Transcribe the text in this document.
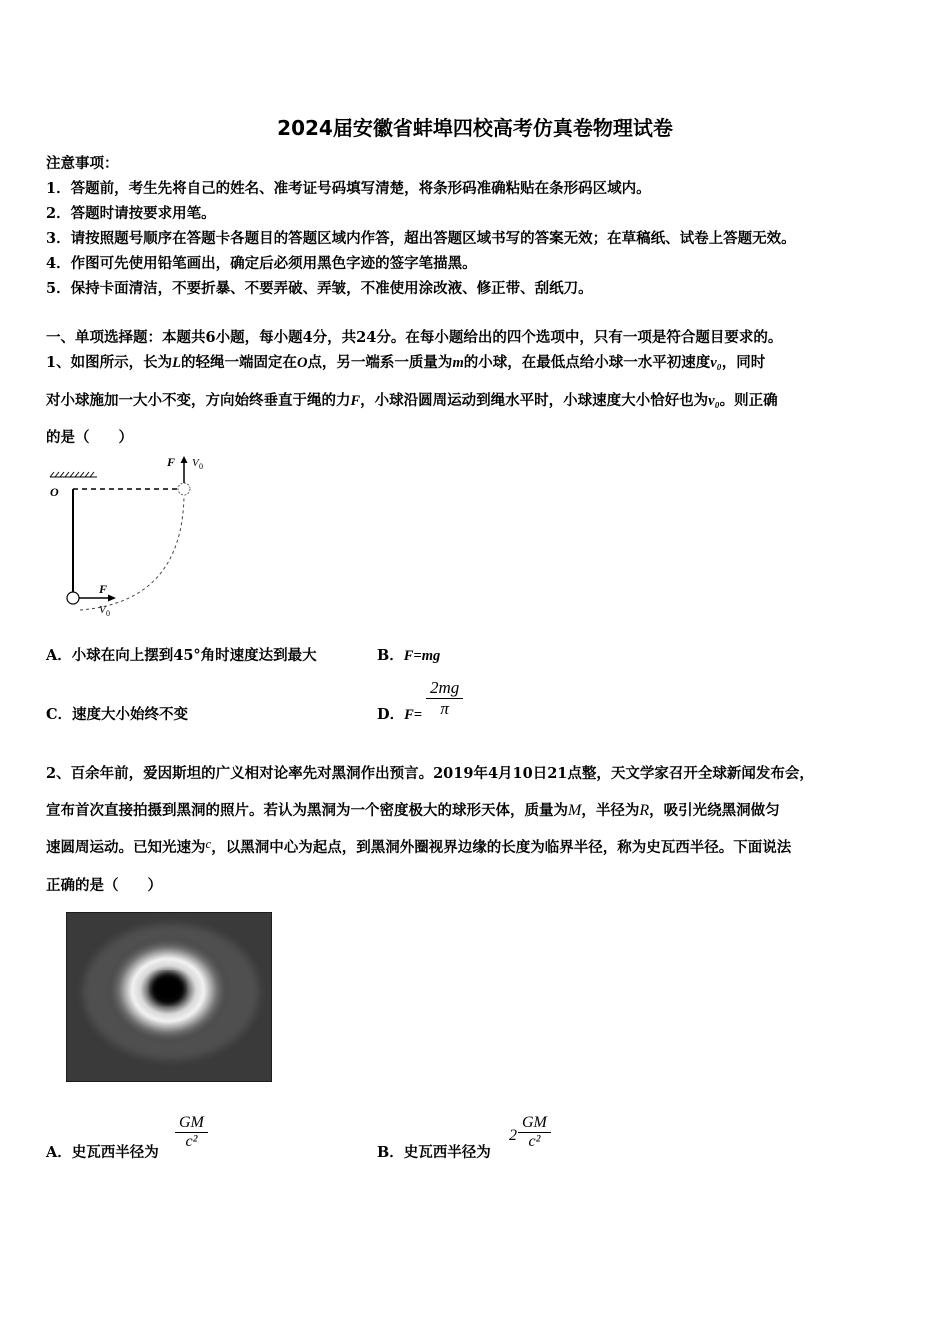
2024届安徽省蚌埠四校高考仿真卷物理试卷
注意事项：
1．答题前，考生先将自己的姓名、准考证号码填写清楚，将条形码准确粘贴在条形码区域内。
2．答题时请按要求用笔。
3．请按照题号顺序在答题卡各题目的答题区域内作答，超出答题区域书写的答案无效；在草稿纸、试卷上答题无效。
4．作图可先使用铅笔画出，确定后必须用黑色字迹的签字笔描黑。
5．保持卡面清洁，不要折暴、不要弄破、弄皱，不准使用涂改液、修正带、刮纸刀。
一、单项选择题：本题共6小题，每小题4分，共24分。在每小题给出的四个选项中，只有一项是符合题目要求的。
1、如图所示，长为L的轻绳一端固定在O点，另一端系一质量为m的小球，在最低点给小球一水平初速度v₀，同时
对小球施加一大小不变，方向始终垂直于绳的力F，小球沿圆周运动到绳水平时，小球速度大小恰好也为v₀。则正确
的是（　　）
O
F V 0
F
V 0
A．小球在向上摆到45°角时速度达到最大	B．F=mg
C．速度大小始终不变	D．$F= \frac{2mg}{\pi}$
2、百余年前，爱因斯坦的广义相对论率先对黑洞作出预言。2019年4月10日21点整，天文学家召开全球新闻发布会，
宣布首次直接拍摄到黑洞的照片。若认为黑洞为一个密度极大的球形天体，质量为M，半径为R，吸引光绕黑洞做匀
速圆周运动。已知光速为c，以黑洞中心为起点，到黑洞外圈视界边缘的长度为临界半径，称为史瓦西半径。下面说法
正确的是（　　）
A．史瓦西半径为
$\frac{GM}{\text{c²}}$
B．史瓦西半径为
$2 \frac{GM}{\text{c²}}$
